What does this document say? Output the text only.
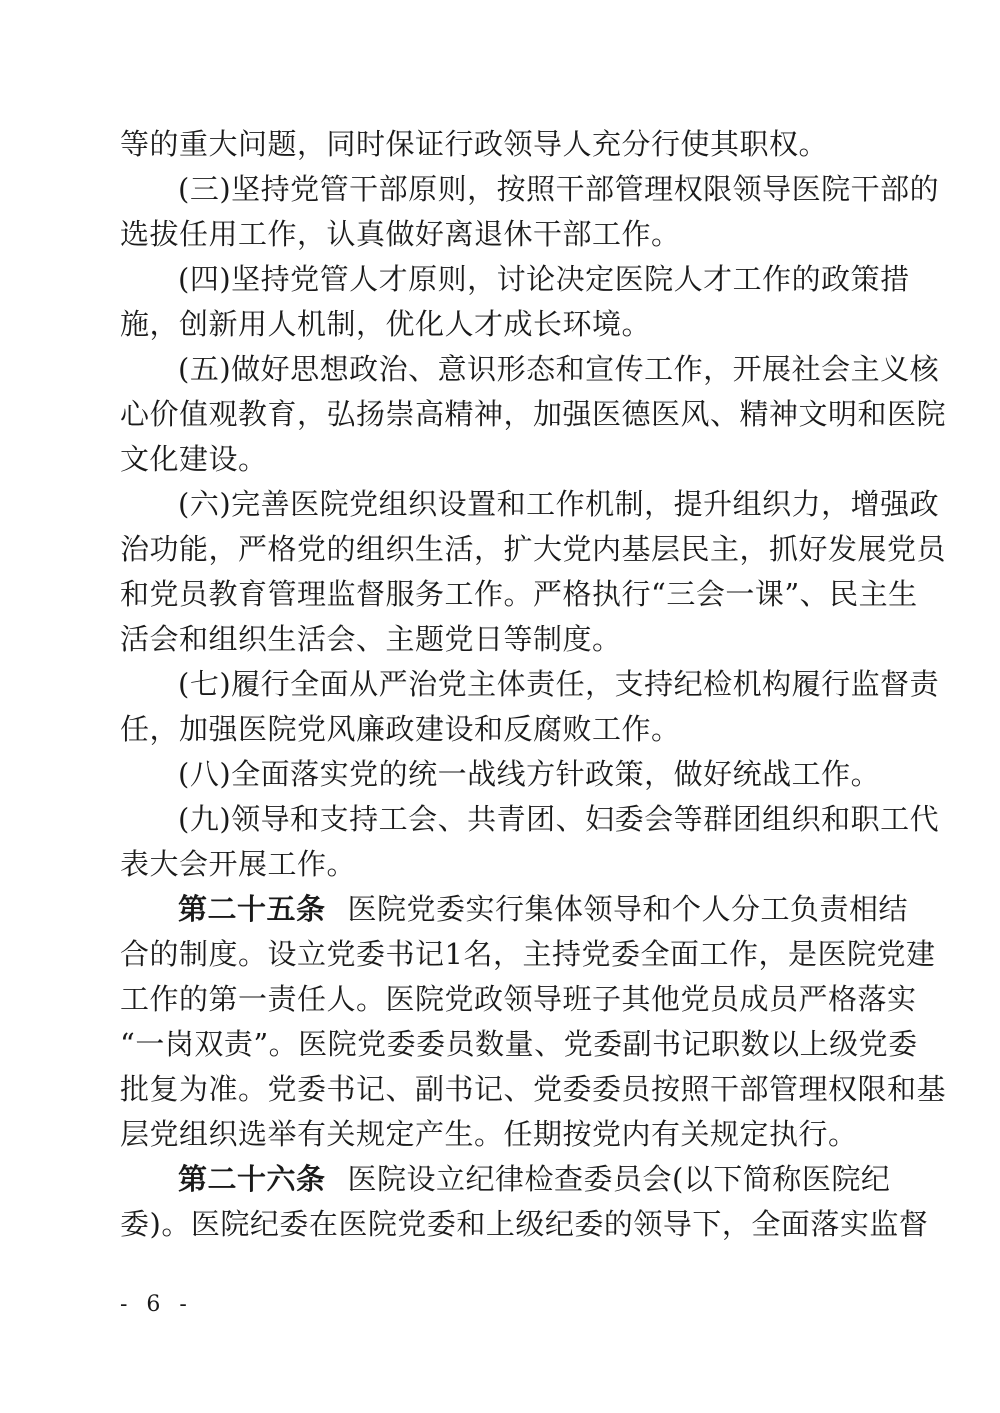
等的重大问题，同时保证行政领导人充分行使其职权。
(三)坚持党管干部原则，按照干部管理权限领导医院干部的
选拔任用工作，认真做好离退休干部工作。
(四)坚持党管人才原则，讨论决定医院人才工作的政策措
施，创新用人机制，优化人才成长环境。
(五)做好思想政治、意识形态和宣传工作，开展社会主义核
心价值观教育，弘扬崇高精神，加强医德医风、精神文明和医院
文化建设。
(六)完善医院党组织设置和工作机制，提升组织力，增强政
治功能，严格党的组织生活，扩大党内基层民主，抓好发展党员
和党员教育管理监督服务工作。严格执行“三会一课”、民主生
活会和组织生活会、主题党日等制度。
(七)履行全面从严治党主体责任，支持纪检机构履行监督责
任，加强医院党风廉政建设和反腐败工作。
(八)全面落实党的统一战线方针政策，做好统战工作。
(九)领导和支持工会、共青团、妇委会等群团组织和职工代
表大会开展工作。
第二十五条 医院党委实行集体领导和个人分工负责相结
合的制度。设立党委书记1名，主持党委全面工作，是医院党建
工作的第一责任人。医院党政领导班子其他党员成员严格落实
“一岗双责”。医院党委委员数量、党委副书记职数以上级党委
批复为准。党委书记、副书记、党委委员按照干部管理权限和基
层党组织选举有关规定产生。任期按党内有关规定执行。
第二十六条 医院设立纪律检查委员会(以下简称医院纪
委)。医院纪委在医院党委和上级纪委的领导下，全面落实监督
- 6 -
